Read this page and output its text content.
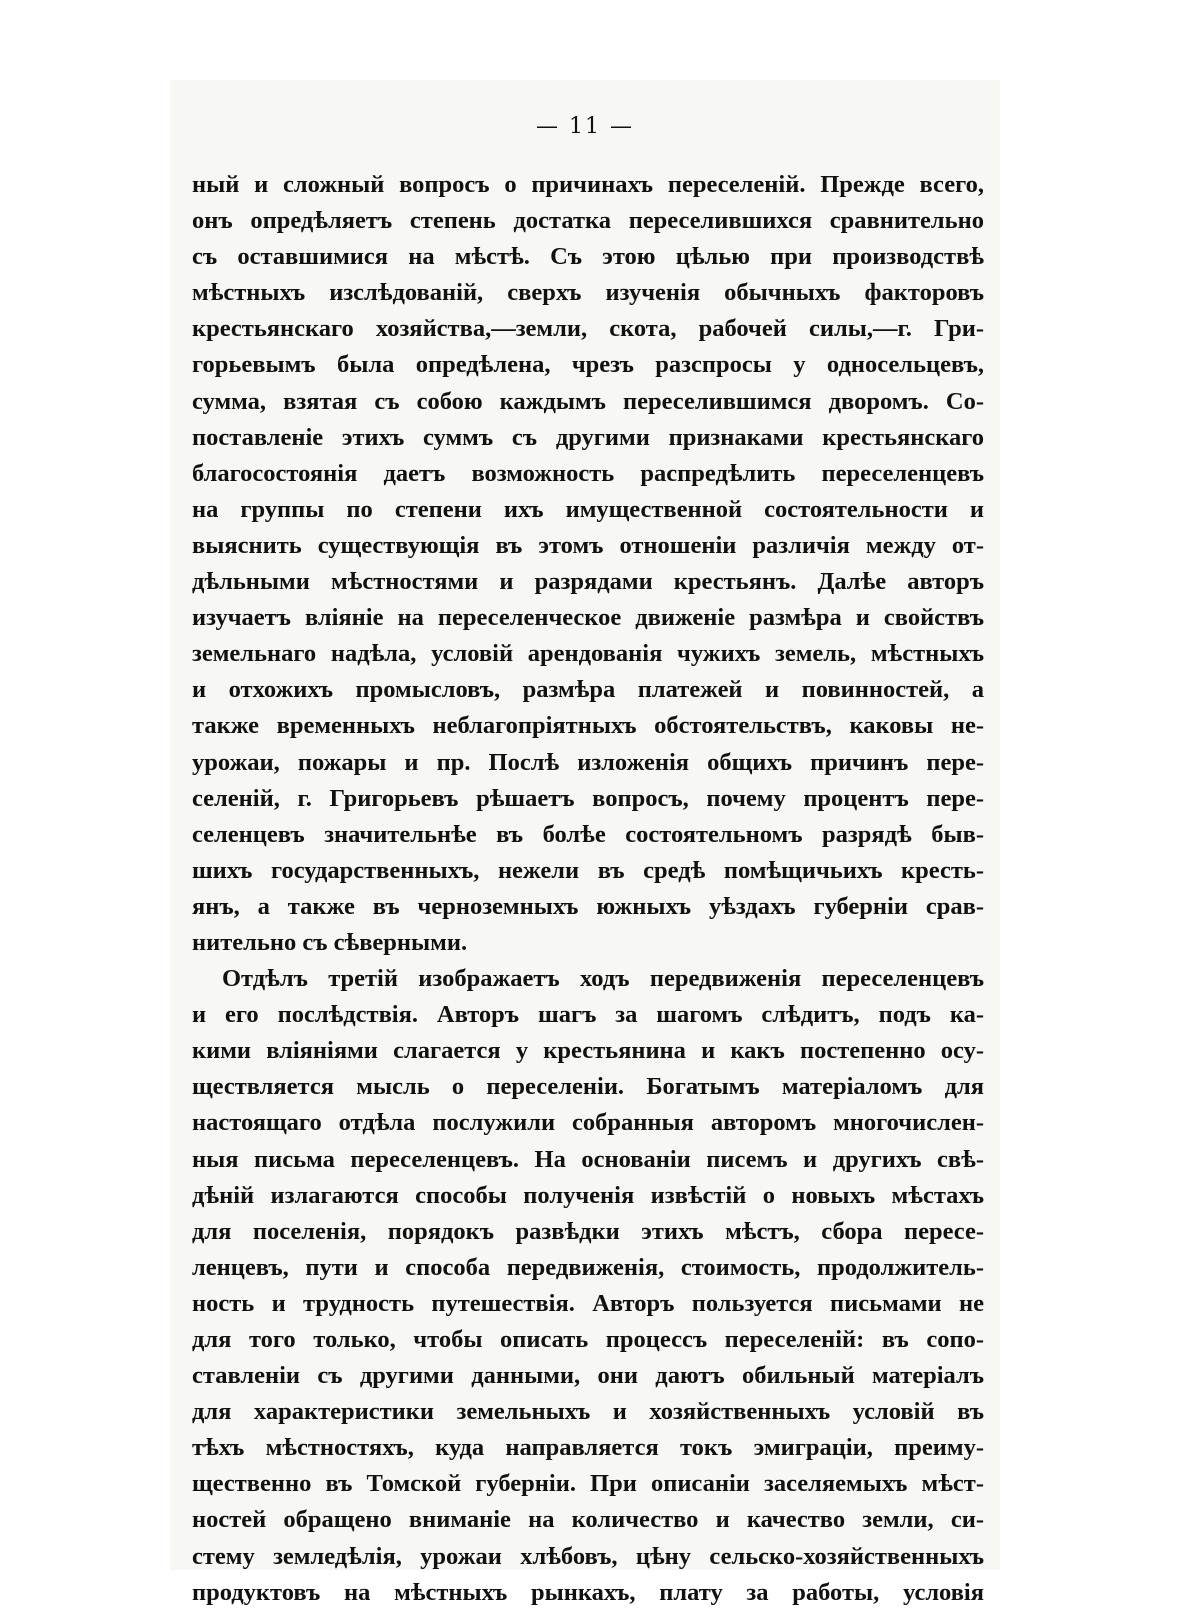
— 11 —
ный и сложный вопросъ о причинахъ переселеній. Прежде всего,
онъ опредѣляетъ степень достатка переселившихся сравнительно
съ оставшимися на мѣстѣ. Съ этою цѣлью при производствѣ
мѣстныхъ изслѣдованій, сверхъ изученія обычныхъ факторовъ
крестьянскаго хозяйства,—земли, скота, рабочей силы,—г. Гри-
горьевымъ была опредѣлена, чрезъ разспросы у односельцевъ,
сумма, взятая съ собою каждымъ переселившимся дворомъ. Со-
поставленіе этихъ суммъ съ другими признаками крестьянскаго
благосостоянія даетъ возможность распредѣлить переселенцевъ
на группы по степени ихъ имущественной состоятельности и
выяснить существующія въ этомъ отношеніи различія между от-
дѣльными мѣстностями и разрядами крестьянъ. Далѣе авторъ
изучаетъ вліяніе на переселенческое движеніе размѣра и свойствъ
земельнаго надѣла, условій арендованія чужихъ земель, мѣстныхъ
и отхожихъ промысловъ, размѣра платежей и повинностей, а
также временныхъ неблагопріятныхъ обстоятельствъ, каковы не-
урожаи, пожары и пр. Послѣ изложенія общихъ причинъ пере-
селеній, г. Григорьевъ рѣшаетъ вопросъ, почему процентъ пере-
селенцевъ значительнѣе въ болѣе состоятельномъ разрядѣ быв-
шихъ государственныхъ, нежели въ средѣ помѣщичьихъ кресть-
янъ, а также въ черноземныхъ южныхъ уѣздахъ губерніи срав-
нительно съ сѣверными.
Отдѣлъ третій изображаетъ ходъ передвиженія переселенцевъ
и его послѣдствія. Авторъ шагъ за шагомъ слѣдитъ, подъ ка-
кими вліяніями слагается у крестьянина и какъ постепенно осу-
ществляется мысль о переселеніи. Богатымъ матеріаломъ для
настоящаго отдѣла послужили собранныя авторомъ многочислен-
ныя письма переселенцевъ. На основаніи писемъ и другихъ свѣ-
дѣній излагаются способы полученія извѣстій о новыхъ мѣстахъ
для поселенія, порядокъ развѣдки этихъ мѣстъ, сбора пересе-
ленцевъ, пути и способа передвиженія, стоимость, продолжитель-
ность и трудность путешествія. Авторъ пользуется письмами не
для того только, чтобы описать процессъ переселеній: въ сопо-
ставленіи съ другими данными, они даютъ обильный матеріалъ
для характеристики земельныхъ и хозяйственныхъ условій въ
тѣхъ мѣстностяхъ, куда направляется токъ эмиграціи, преиму-
щественно въ Томской губерніи. При описаніи заселяемыхъ мѣст-
ностей обращено вниманіе на количество и качество земли, си-
стему земледѣлія, урожаи хлѣбовъ, цѣну сельско-хозяйственныхъ
продуктовъ на мѣстныхъ рынкахъ, плату за работы, условія
